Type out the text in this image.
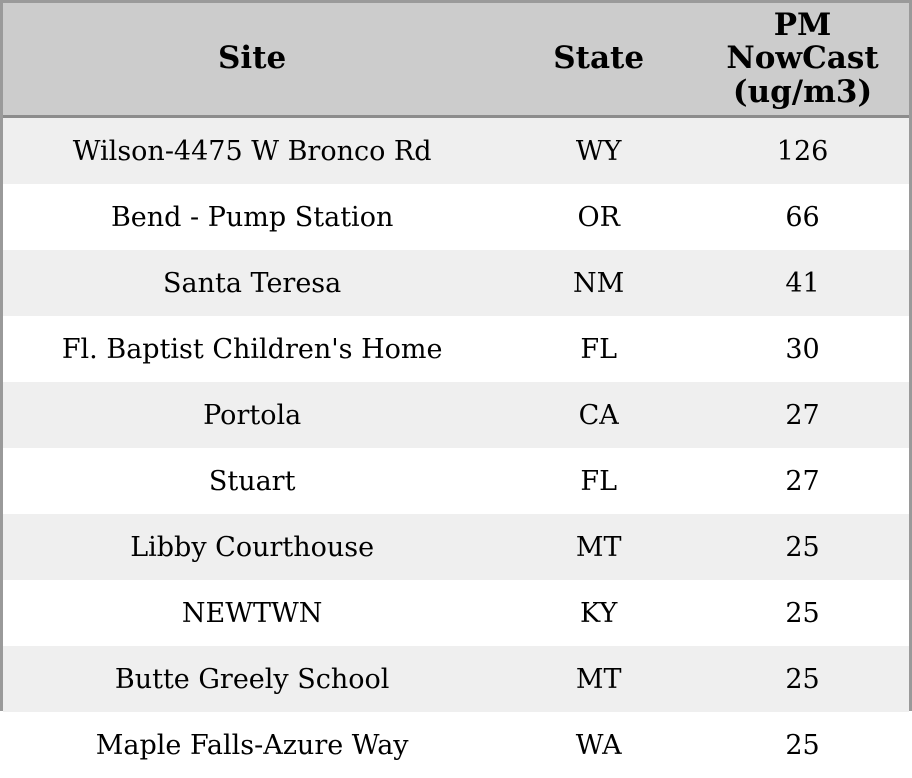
Site	State	PM
NowCast
(ug/m3)

Wilson-4475 W Bronco Rd	WY	126
Bend - Pump Station	OR	66
Santa Teresa	NM	41
Fl. Baptist Children's Home	FL	30
Portola	CA	27
Stuart	FL	27
Libby Courthouse	MT	25
NEWTWN	KY	25
Butte Greely School	MT	25
Maple Falls-Azure Way	WA	25
